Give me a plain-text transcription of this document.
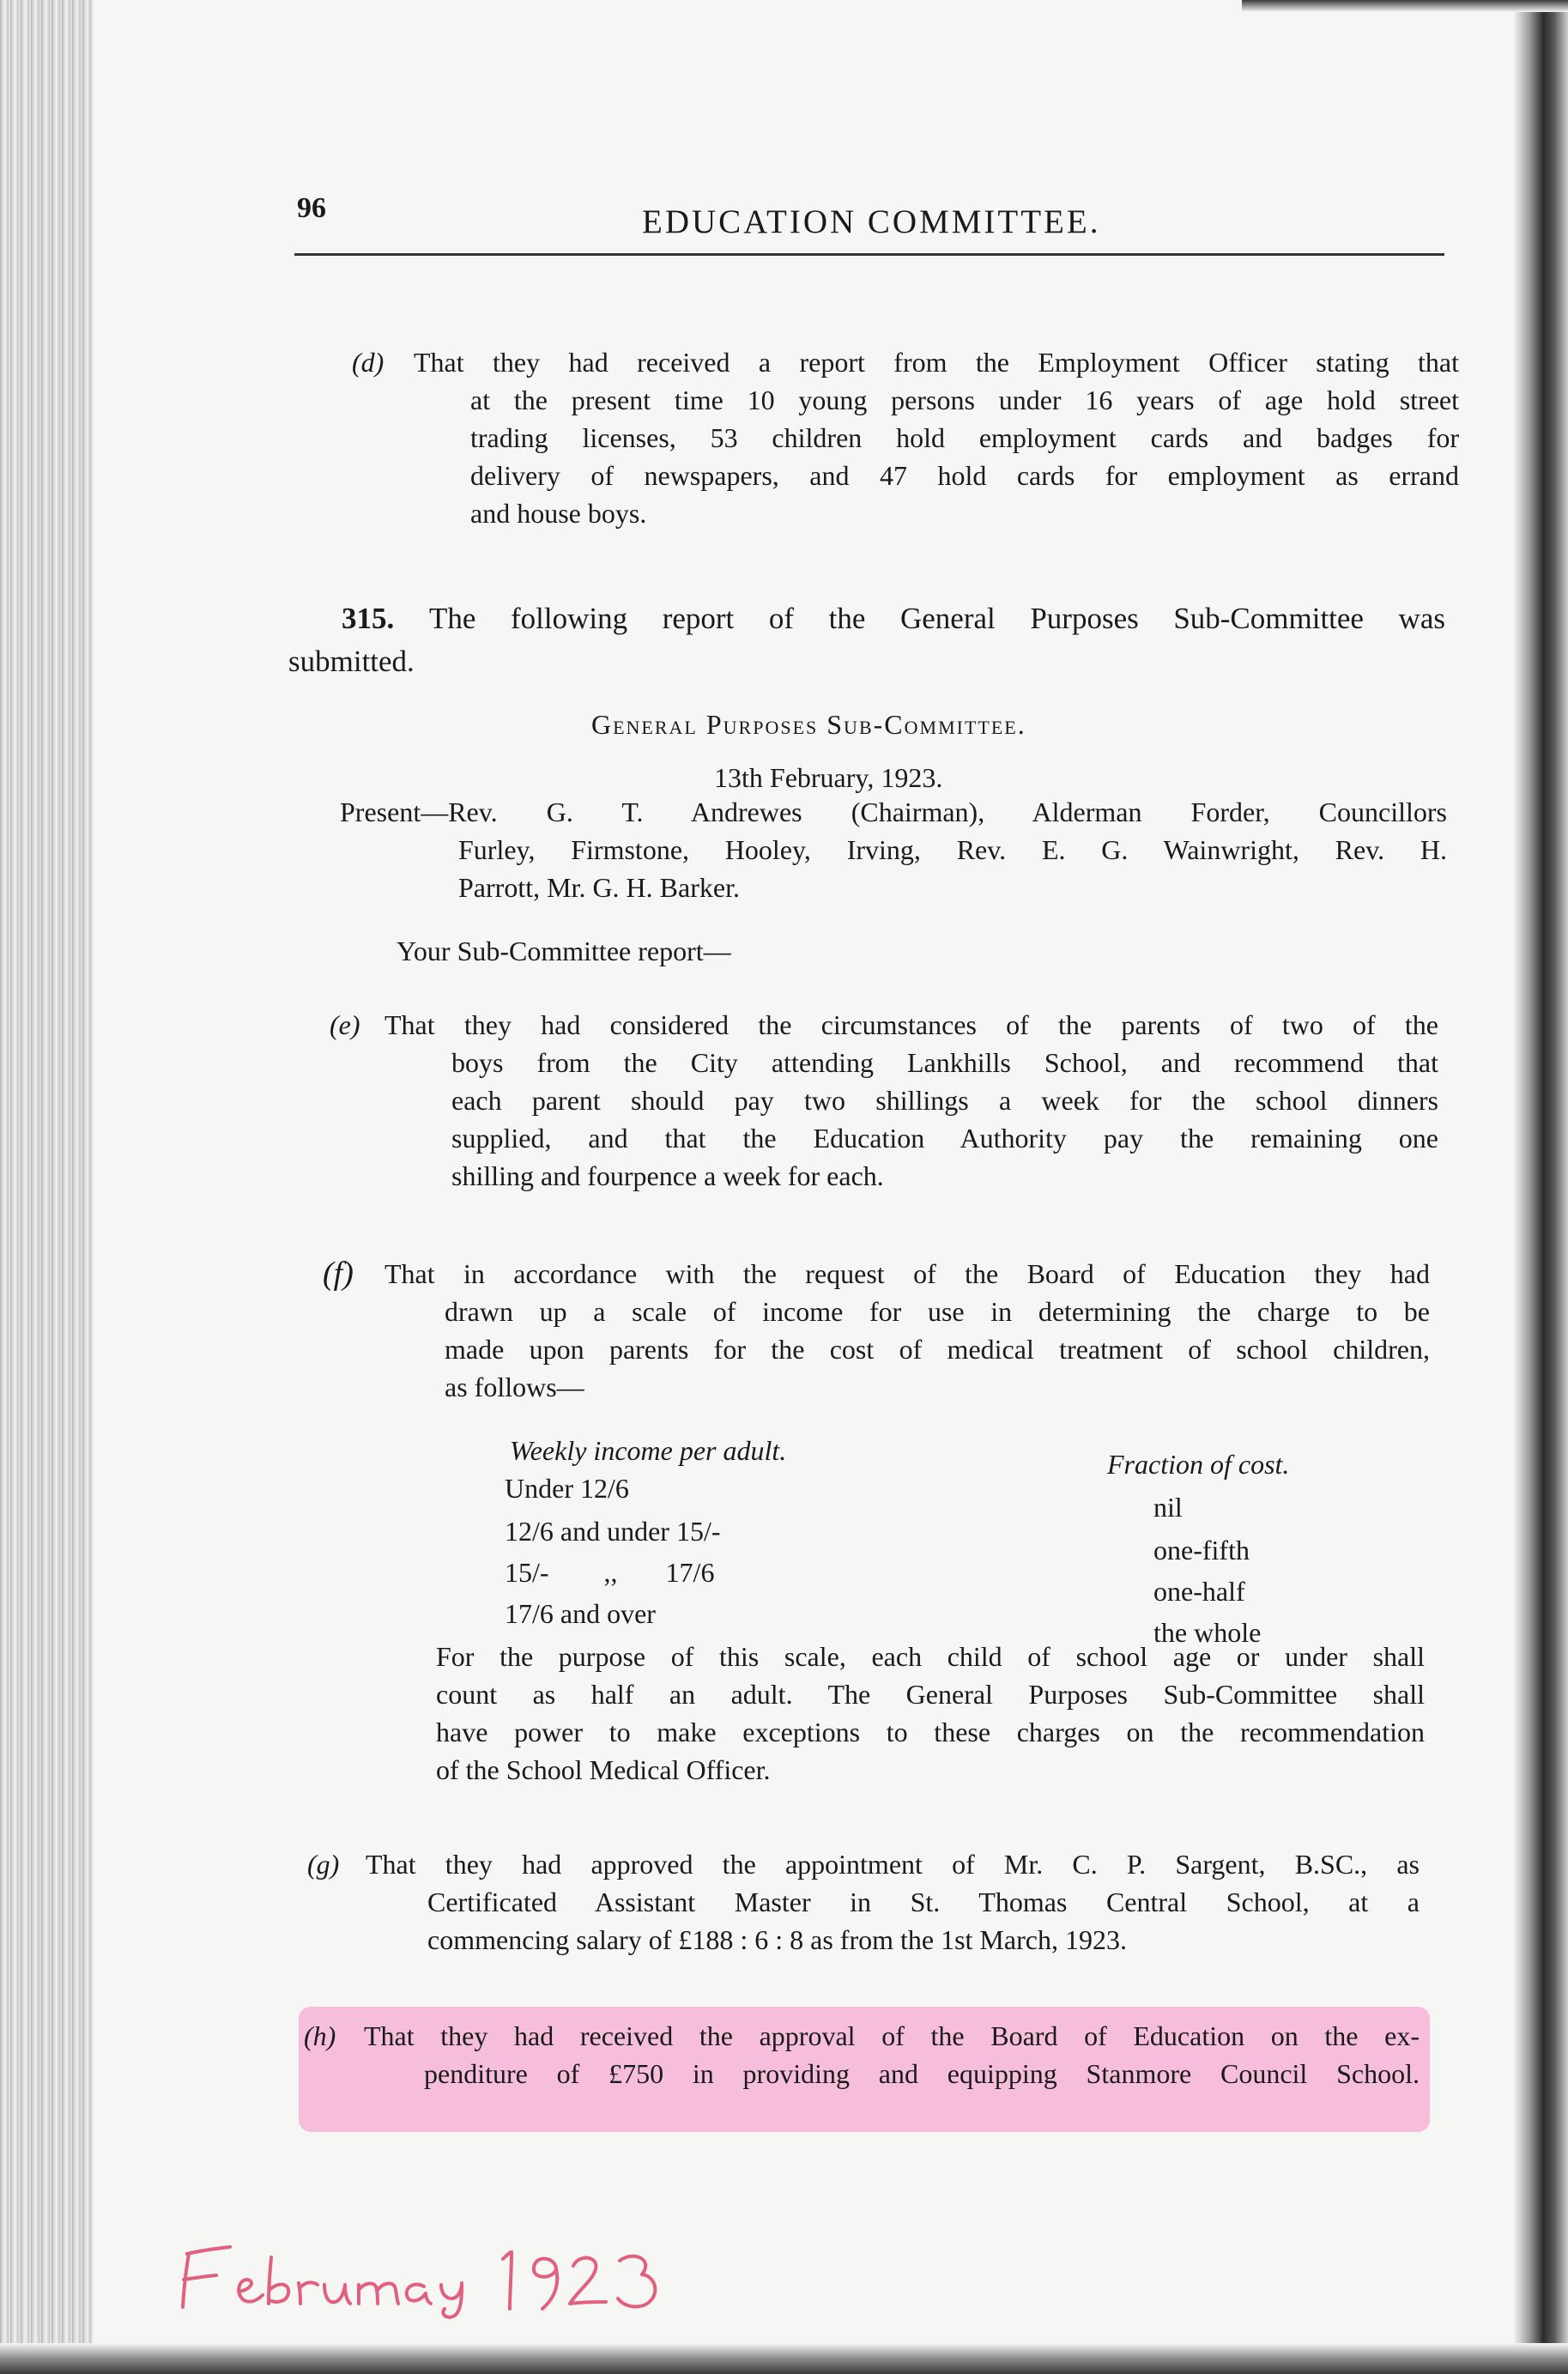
96	EDUCATION COMMITTEE.
(d) That they had received a report from the Employment Officer stating that
at the present time 10 young persons under 16 years of age hold street
trading licenses, 53 children hold employment cards and badges for
delivery of newspapers, and 47 hold cards for employment as errand
and house boys.
315. The following report of the General Purposes Sub-Committee was
submitted.
General Purposes Sub-Committee.
13th February, 1923.
Present—Rev. G. T. Andrewes (Chairman), Alderman Forder, Councillors
Furley, Firmstone, Hooley, Irving, Rev. E. G. Wainwright, Rev. H.
Parrott, Mr. G. H. Barker.
Your Sub-Committee report—
(e) That they had considered the circumstances of the parents of two of the
boys from the City attending Lankhills School, and recommend that
each parent should pay two shillings a week for the school dinners
supplied, and that the Education Authority pay the remaining one
shilling and fourpence a week for each.
(f) That in accordance with the request of the Board of Education they had
drawn up a scale of income for use in determining the charge to be
made upon parents for the cost of medical treatment of school children,
as follows—
Weekly income per adult.	Fraction of cost.
Under 12/6
12/6 and under 15/-
15/-        ,,       17/6
17/6 and over
nil
one-fifth
one-half
the whole
For the purpose of this scale, each child of school age or under shall
count as half an adult. The General Purposes Sub-Committee shall
have power to make exceptions to these charges on the recommendation
of the School Medical Officer.
(g) That they had approved the appointment of Mr. C. P. Sargent, B.SC., as
Certificated Assistant Master in St. Thomas Central School, at a
commencing salary of £188 : 6 : 8 as from the 1st March, 1923.
(h) That they had received the approval of the Board of Education on the ex-
penditure of £750 in providing and equipping Stanmore Council School.
